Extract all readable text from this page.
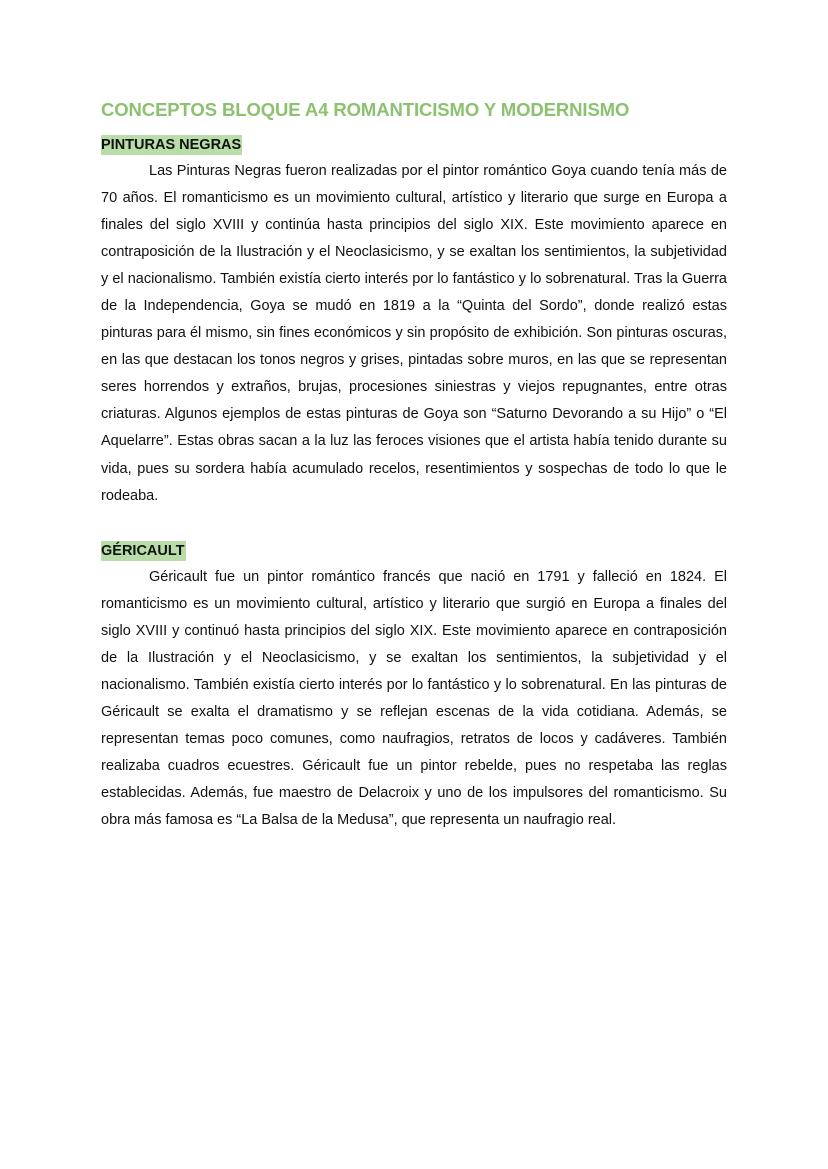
CONCEPTOS BLOQUE A4 ROMANTICISMO Y MODERNISMO
PINTURAS NEGRAS

Las Pinturas Negras fueron realizadas por el pintor romántico Goya cuando tenía más de 70 años. El romanticismo es un movimiento cultural, artístico y literario que surge en Europa a finales del siglo XVIII y continúa hasta principios del siglo XIX. Este movimiento aparece en contraposición de la Ilustración y el Neoclasicismo, y se exaltan los sentimientos, la subjetividad y el nacionalismo. También existía cierto interés por lo fantástico y lo sobrenatural. Tras la Guerra de la Independencia, Goya se mudó en 1819 a la “Quinta del Sordo”, donde realizó estas pinturas para él mismo, sin fines económicos y sin propósito de exhibición. Son pinturas oscuras, en las que destacan los tonos negros y grises, pintadas sobre muros, en las que se representan seres horrendos y extraños, brujas, procesiones siniestras y viejos repugnantes, entre otras criaturas. Algunos ejemplos de estas pinturas de Goya son “Saturno Devorando a su Hijo” o “El Aquelarre”. Estas obras sacan a la luz las feroces visiones que el artista había tenido durante su vida, pues su sordera había acumulado recelos, resentimientos y sospechas de todo lo que le rodeaba.

GÉRICAULT

Géricault fue un pintor romántico francés que nació en 1791 y falleció en 1824. El romanticismo es un movimiento cultural, artístico y literario que surgió en Europa a finales del siglo XVIII y continuó hasta principios del siglo XIX. Este movimiento aparece en contraposición de la Ilustración y el Neoclasicismo, y se exaltan los sentimientos, la subjetividad y el nacionalismo. También existía cierto interés por lo fantástico y lo sobrenatural. En las pinturas de Géricault se exalta el dramatismo y se reflejan escenas de la vida cotidiana. Además, se representan temas poco comunes, como naufragios, retratos de locos y cadáveres. También realizaba cuadros ecuestres. Géricault fue un pintor rebelde, pues no respetaba las reglas establecidas. Además, fue maestro de Delacroix y uno de los impulsores del romanticismo. Su obra más famosa es “La Balsa de la Medusa”, que representa un naufragio real.
